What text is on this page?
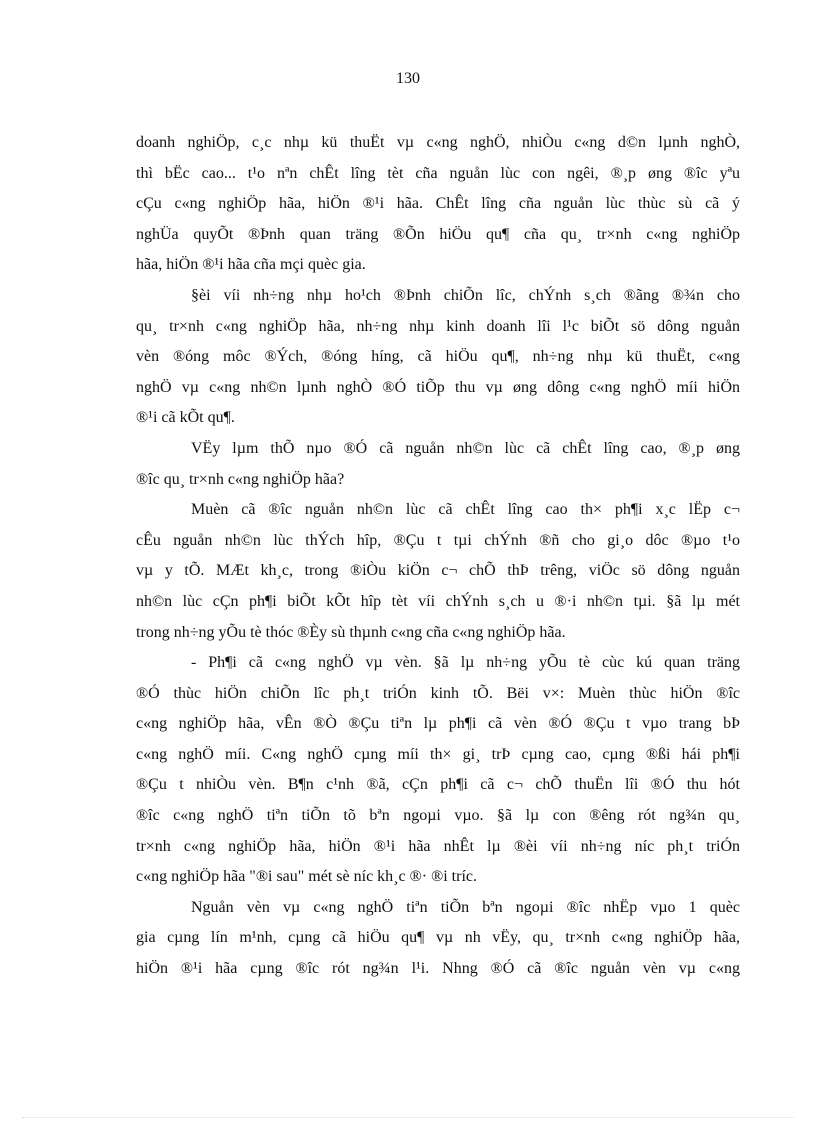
130
doanh nghiÖp, c¸c nhµ kü thuËt vµ c«ng nghÖ, nhiÒu c«ng d©n lµnh nghÒ,
thì bËc cao... t¹o nªn chÊt lîng tèt cña nguån lùc con ngêi, ®¸p øng ®îc yªu
cÇu c«ng nghiÖp hãa, hiÖn ®¹i hãa. ChÊt lîng cña nguån lùc thùc sù cã ý
nghÜa quyÕt ®Þnh quan träng ®Õn hiÖu qu¶ cña qu¸ tr×nh c«ng nghiÖp
hãa, hiÖn ®¹i hãa cña mçi quèc gia.
§èi víi nh÷ng nhµ ho¹ch ®Þnh chiÕn lîc, chÝnh s¸ch ®ãng ®¾n cho
qu¸ tr×nh c«ng nghiÖp hãa, nh÷ng nhµ kinh doanh lîi l¹c biÕt sö dông nguån
vèn ®óng môc ®Ých, ®óng híng, cã hiÖu qu¶, nh÷ng nhµ kü thuËt, c«ng
nghÖ vµ c«ng nh©n lµnh nghÒ ®Ó tiÕp thu vµ øng dông c«ng nghÖ míi hiÖn
®¹i cã kÕt qu¶.
VËy lµm thÕ nµo ®Ó cã nguån nh©n lùc cã chÊt lîng cao, ®¸p øng
®îc qu¸ tr×nh c«ng nghiÖp hãa?
Muèn cã ®îc nguån nh©n lùc cã chÊt lîng cao th× ph¶i x¸c lËp c¬
cÊu nguån nh©n lùc thÝch hîp, ®Çu t tµi chÝnh ®ñ cho gi¸o dôc ®µo t¹o
vµ y tÕ. MÆt kh¸c, trong ®iÒu kiÖn c¬ chÕ thÞ trêng, viÖc sö dông nguån
nh©n lùc cÇn ph¶i biÕt kÕt hîp tèt víi chÝnh s¸ch u ®·i nh©n tµi. §ã lµ mét
trong nh÷ng yÕu tè thóc ®Èy sù thµnh c«ng cña c«ng nghiÖp hãa.
- Ph¶i cã c«ng nghÖ vµ vèn. §ã lµ nh÷ng yÕu tè cùc kú quan träng
®Ó thùc hiÖn chiÕn lîc ph¸t triÓn kinh tÕ. Bëi v×: Muèn thùc hiÖn ®îc
c«ng nghiÖp hãa, vÊn ®Ò ®Çu tiªn lµ ph¶i cã vèn ®Ó ®Çu t vµo trang bÞ
c«ng nghÖ míi. C«ng nghÖ cµng míi th× gi¸ trÞ cµng cao, cµng ®ßi hái ph¶i
®Çu t nhiÒu vèn. B¶n c¹nh ®ã, cÇn ph¶i cã c¬ chÕ thuËn lîi ®Ó thu hót
®îc c«ng nghÖ tiªn tiÕn tõ bªn ngoµi vµo. §ã lµ con ®êng rót ng¾n qu¸
tr×nh c«ng nghiÖp hãa, hiÖn ®¹i hãa nhÊt lµ ®èi víi nh÷ng níc ph¸t triÓn
c«ng nghiÖp hãa "®i sau" mét sè níc kh¸c ®· ®i tríc.
Nguån vèn vµ c«ng nghÖ tiªn tiÕn bªn ngoµi ®îc nhËp vµo 1 quèc
gia cµng lín m¹nh, cµng cã hiÖu qu¶ vµ nh vËy, qu¸ tr×nh c«ng nghiÖp hãa,
hiÖn ®¹i hãa cµng ®îc rót ng¾n l¹i. Nhng ®Ó cã ®îc nguån vèn vµ c«ng
